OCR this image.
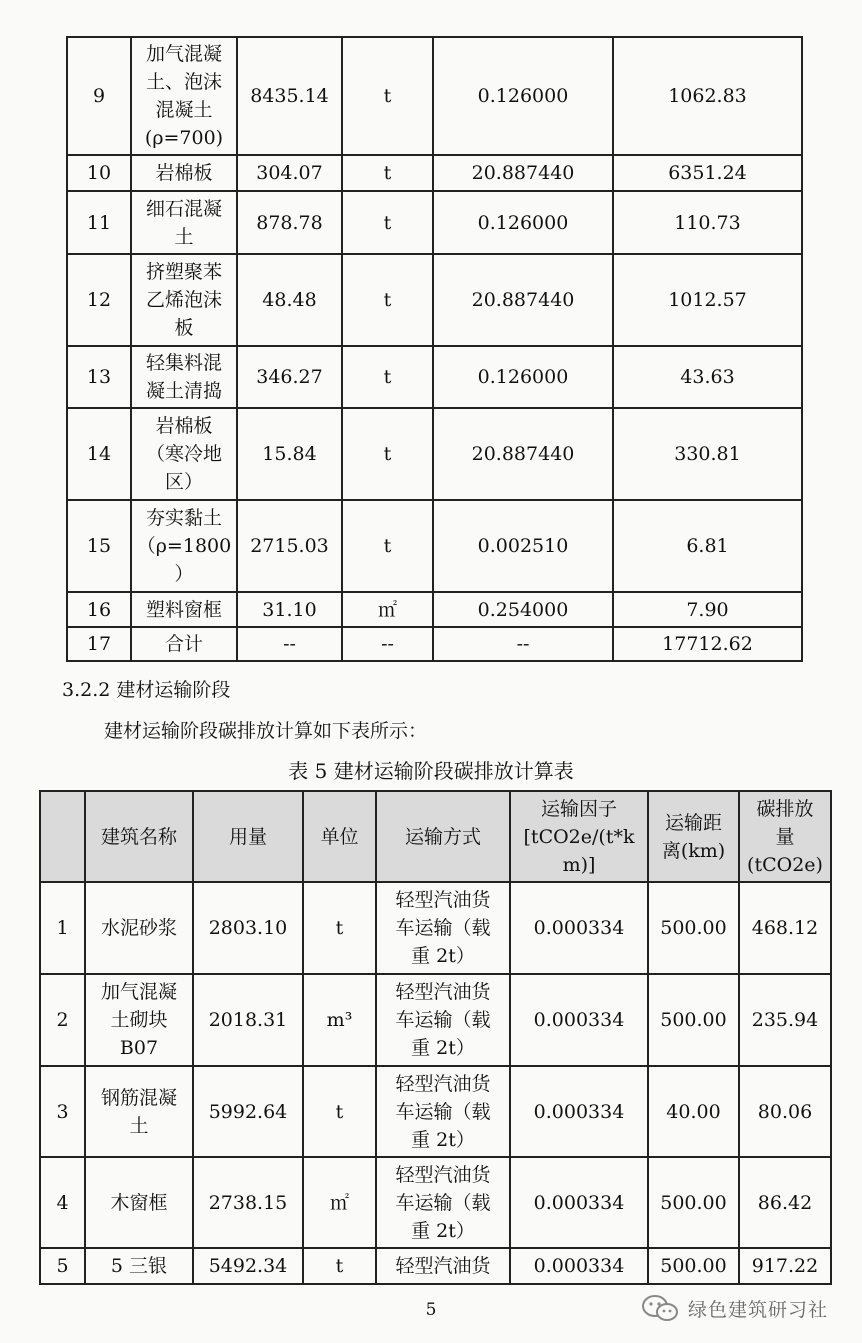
9	加气混凝
土、泡沫
混凝土
(ρ=700)	8435.14	t	0.126000	1062.83
10	岩棉板	304.07	t	20.887440	6351.24
11	细石混凝
土	878.78	t	0.126000	110.73
12	挤塑聚苯
乙烯泡沫
板	48.48	t	20.887440	1012.57
13	轻集料混
凝土清捣	346.27	t	0.126000	43.63
14	岩棉板
（寒冷地
区）	15.84	t	20.887440	330.81
15	夯实黏土
（ρ=1800
）	2715.03	t	0.002510	6.81
16	塑料窗框	31.10	㎡	0.254000	7.90
17	合计	--	--	--	17712.62
3.2.2 建材运输阶段
建材运输阶段碳排放计算如下表所示：
表 5 建材运输阶段碳排放计算表
	建筑名称	用量	单位	运输方式	运输因子
[tCO2e/(t*k
m)]	运输距
离(km)	碳排放
量
(tCO2e)
1	水泥砂浆	2803.10	t	轻型汽油货
车运输（载
重 2t）	0.000334	500.00	468.12
2	加气混凝
土砌块
B07	2018.31	m³	轻型汽油货
车运输（载
重 2t）	0.000334	500.00	235.94
3	钢筋混凝
土	5992.64	t	轻型汽油货
车运输（载
重 2t）	0.000334	40.00	80.06
4	木窗框	2738.15	㎡	轻型汽油货
车运输（载
重 2t）	0.000334	500.00	86.42
5	5 三银	5492.34	t	轻型汽油货	0.000334	500.00	917.22
5	绿色建筑研习社
